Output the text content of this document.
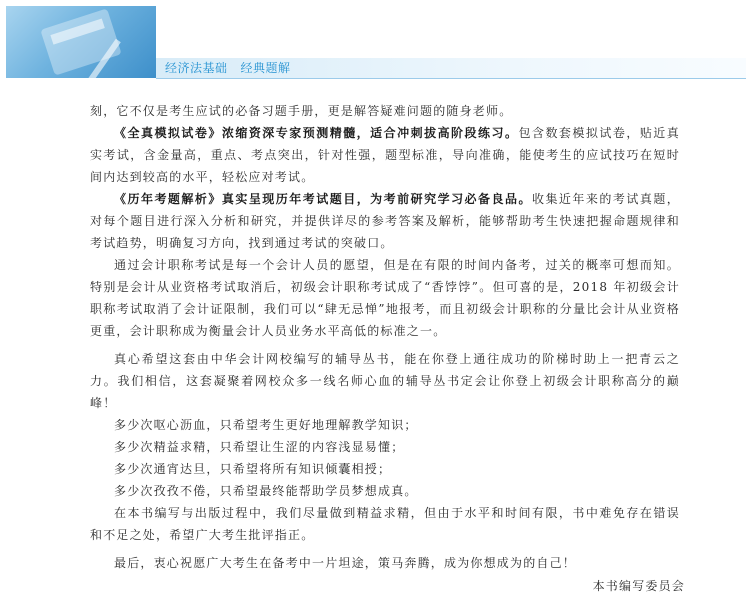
经济法基础   经典题解

刻，它不仅是考生应试的必备习题手册，更是解答疑难问题的随身老师。

《全真模拟试卷》浓缩资深专家预测精髓，适合冲刺拔高阶段练习。包含数套模拟试卷，贴近真实考试，含金量高，重点、考点突出，针对性强，题型标准，导向准确，能使考生的应试技巧在短时间内达到较高的水平，轻松应对考试。

《历年考题解析》真实呈现历年考试题目，为考前研究学习必备良品。收集近年来的考试真题，对每个题目进行深入分析和研究，并提供详尽的参考答案及解析，能够帮助考生快速把握命题规律和考试趋势，明确复习方向，找到通过考试的突破口。

通过会计职称考试是每一个会计人员的愿望，但是在有限的时间内备考，过关的概率可想而知。特别是会计从业资格考试取消后，初级会计职称考试成了“香饽饽”。但可喜的是，2018 年初级会计职称考试取消了会计证限制，我们可以“肆无忌惮”地报考，而且初级会计职称的分量比会计从业资格更重，会计职称成为衡量会计人员业务水平高低的标准之一。

真心希望这套由中华会计网校编写的辅导丛书，能在你登上通往成功的阶梯时助上一把青云之力。我们相信，这套凝聚着网校众多一线名师心血的辅导丛书定会让你登上初级会计职称高分的巅峰！

多少次呕心沥血，只希望考生更好地理解教学知识；

多少次精益求精，只希望让生涩的内容浅显易懂；

多少次通宵达旦，只希望将所有知识倾囊相授；

多少次孜孜不倦，只希望最终能帮助学员梦想成真。

在本书编写与出版过程中，我们尽量做到精益求精，但由于水平和时间有限，书中难免存在错误和不足之处，希望广大考生批评指正。

最后，衷心祝愿广大考生在备考中一片坦途，策马奔腾，成为你想成为的自己！

本书编写委员会
